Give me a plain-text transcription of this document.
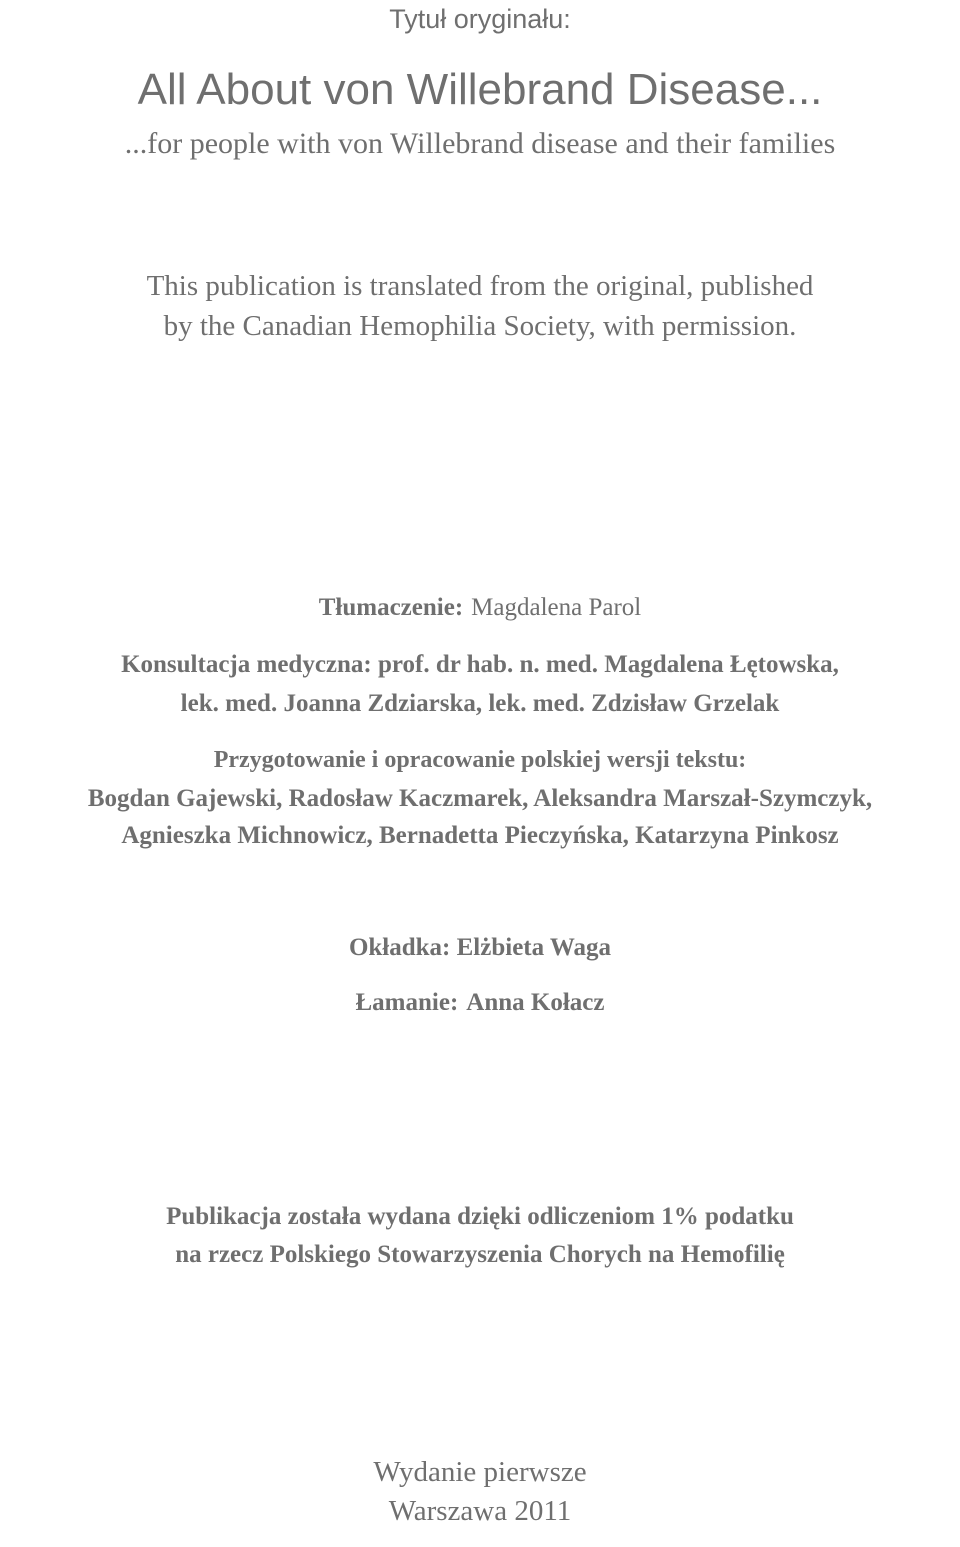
Tytuł oryginału:
All About von Willebrand Disease...
...for people with von Willebrand disease and their families
This publication is translated from the original, published
by the Canadian Hemophilia Society, with permission.
Tłumaczenie: Magdalena Parol
Konsultacja medyczna: prof. dr hab. n. med. Magdalena Łętowska,
lek. med. Joanna Zdziarska, lek. med. Zdzisław Grzelak
Przygotowanie i opracowanie polskiej wersji tekstu:
Bogdan Gajewski, Radosław Kaczmarek, Aleksandra Marszał-Szymczyk,
Agnieszka Michnowicz, Bernadetta Pieczyńska, Katarzyna Pinkosz
Okładka: Elżbieta Waga
Łamanie: Anna Kołacz
Publikacja została wydana dzięki odliczeniom 1% podatku
na rzecz Polskiego Stowarzyszenia Chorych na Hemofilię
Wydanie pierwsze
Warszawa 2011
